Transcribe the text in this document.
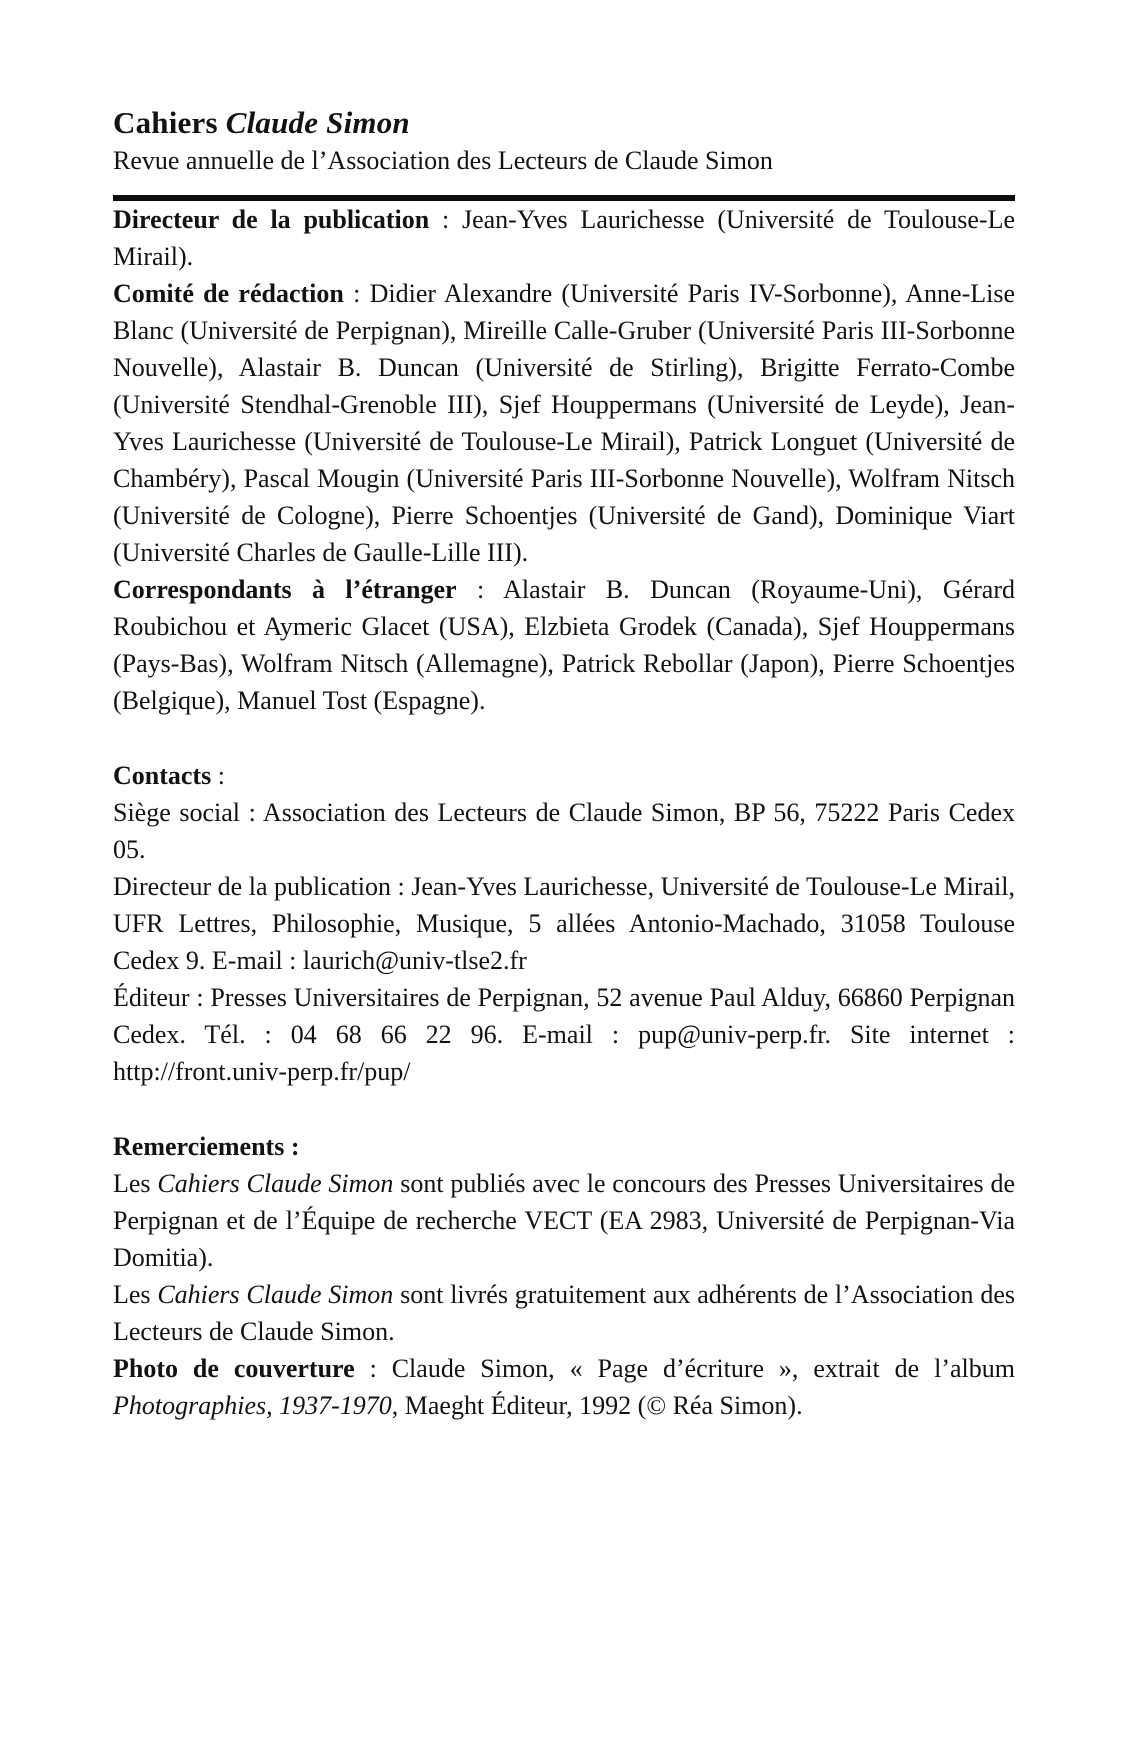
Cahiers Claude Simon

Revue annuelle de l’Association des Lecteurs de Claude Simon

Directeur de la publication : Jean-Yves Laurichesse (Université de Toulouse-Le Mirail).

Comité de rédaction : Didier Alexandre (Université Paris IV-Sorbonne), Anne-Lise Blanc (Université de Perpignan), Mireille Calle-Gruber (Université Paris III-Sorbonne Nouvelle), Alastair B. Duncan (Université de Stirling), Brigitte Ferrato-Combe (Université Stendhal-Grenoble III), Sjef Houppermans (Université de Leyde), Jean-Yves Laurichesse (Université de Toulouse-Le Mirail), Patrick Longuet (Université de Chambéry), Pascal Mougin (Université Paris III-Sorbonne Nouvelle), Wolfram Nitsch (Université de Cologne), Pierre Schoentjes (Université de Gand), Dominique Viart (Université Charles de Gaulle-Lille III).

Correspondants à l’étranger : Alastair B. Duncan (Royaume-Uni), Gérard Roubichou et Aymeric Glacet (USA), Elzbieta Grodek (Canada), Sjef Houppermans (Pays-Bas), Wolfram Nitsch (Allemagne), Patrick Rebollar (Japon), Pierre Schoentjes (Belgique), Manuel Tost (Espagne).

Contacts :

Siège social : Association des Lecteurs de Claude Simon, BP 56, 75222 Paris Cedex 05.

Directeur de la publication : Jean-Yves Laurichesse, Université de Toulouse-Le Mirail, UFR Lettres, Philosophie, Musique, 5 allées Antonio-Machado, 31058 Toulouse Cedex 9. E-mail : laurich@univ-tlse2.fr

Éditeur : Presses Universitaires de Perpignan, 52 avenue Paul Alduy, 66860 Perpignan Cedex. Tél. : 04 68 66 22 96. E-mail : pup@univ-perp.fr. Site internet : http://front.univ-perp.fr/pup/

Remerciements :

Les Cahiers Claude Simon sont publiés avec le concours des Presses Universitaires de Perpignan et de l’Équipe de recherche VECT (EA 2983, Université de Perpignan-Via Domitia).

Les Cahiers Claude Simon sont livrés gratuitement aux adhérents de l’Association des Lecteurs de Claude Simon.

Photo de couverture : Claude Simon, « Page d’écriture », extrait de l’album Photographies, 1937-1970, Maeght Éditeur, 1992 (© Réa Simon).
